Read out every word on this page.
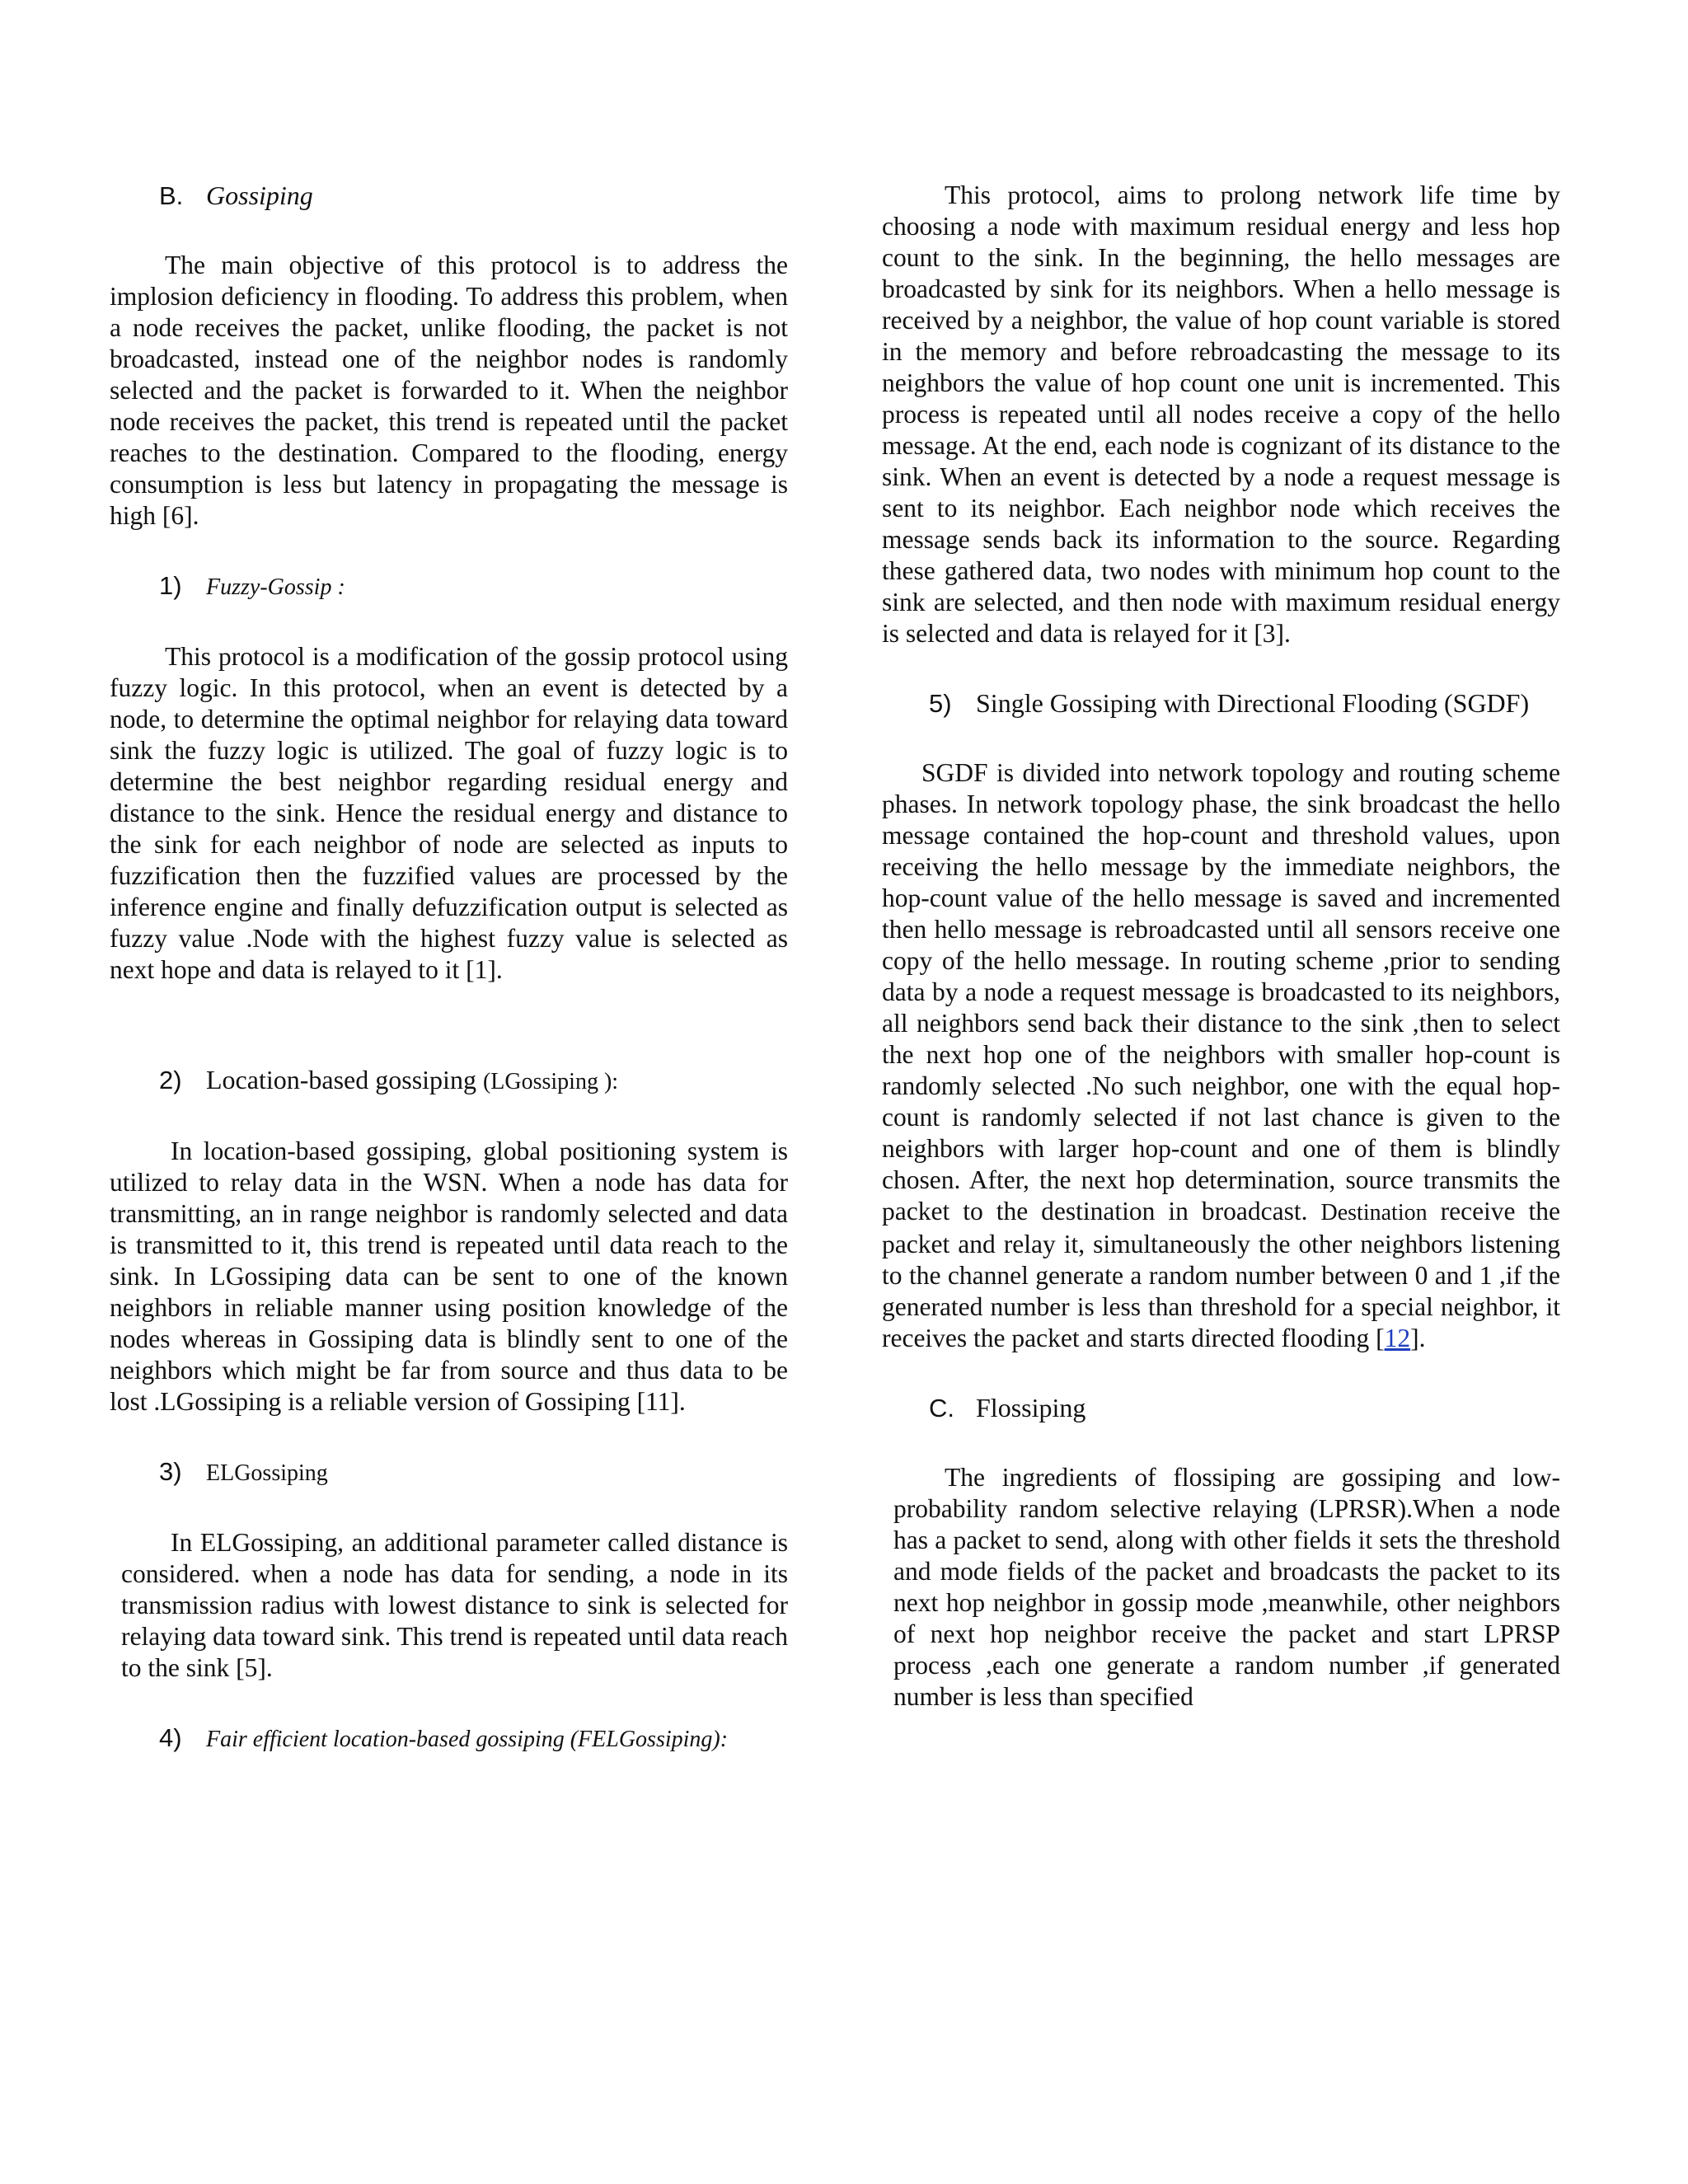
B. Gossiping

The main objective of this protocol is to address the implosion deficiency in flooding. To address this problem, when a node receives the packet, unlike flooding, the packet is not broadcasted, instead one of the neighbor nodes is randomly selected and the packet is forwarded to it. When the neighbor node receives the packet, this trend is repeated until the packet reaches to the destination. Compared to the flooding, energy consumption is less but latency in propagating the message is high [6].

1) Fuzzy-Gossip :

This protocol is a modification of the gossip protocol using fuzzy logic. In this protocol, when an event is detected by a node, to determine the optimal neighbor for relaying data toward sink the fuzzy logic is utilized. The goal of fuzzy logic is to determine the best neighbor regarding residual energy and distance to the sink. Hence the residual energy and distance to the sink for each neighbor of node are selected as inputs to fuzzification then the fuzzified values are processed by the inference engine and finally defuzzification output is selected as fuzzy value .Node with the highest fuzzy value is selected as next hope and data is relayed to it [1].

2) Location-based gossiping (LGossiping ):

In location-based gossiping, global positioning system is utilized to relay data in the WSN. When a node has data for transmitting, an in range neighbor is randomly selected and data is transmitted to it, this trend is repeated until data reach to the sink. In LGossiping data can be sent to one of the known neighbors in reliable manner using position knowledge of the nodes whereas in Gossiping data is blindly sent to one of the neighbors which might be far from source and thus data to be lost .LGossiping is a reliable version of Gossiping [11].

3) ELGossiping

In ELGossiping, an additional parameter called distance is considered. when a node has data for sending, a node in its transmission radius with lowest distance to sink is selected for relaying data toward sink. This trend is repeated until data reach to the sink [5].

4) Fair efficient location-based gossiping (FELGossiping):

This protocol, aims to prolong network life time by choosing a node with maximum residual energy and less hop count to the sink. In the beginning, the hello messages are broadcasted by sink for its neighbors. When a hello message is received by a neighbor, the value of hop count variable is stored in the memory and before rebroadcasting the message to its neighbors the value of hop count one unit is incremented. This process is repeated until all nodes receive a copy of the hello message. At the end, each node is cognizant of its distance to the sink. When an event is detected by a node a request message is sent to its neighbor. Each neighbor node which receives the message sends back its information to the source. Regarding these gathered data, two nodes with minimum hop count to the sink are selected, and then node with maximum residual energy is selected and data is relayed for it [3].

5) Single Gossiping with Directional Flooding (SGDF)

SGDF is divided into network topology and routing scheme phases. In network topology phase, the sink broadcast the hello message contained the hop-count and threshold values, upon receiving the hello message by the immediate neighbors, the hop-count value of the hello message is saved and incremented then hello message is rebroadcasted until all sensors receive one copy of the hello message. In routing scheme ,prior to sending data by a node a request message is broadcasted to its neighbors, all neighbors send back their distance to the sink ,then to select the next hop one of the neighbors with smaller hop-count is randomly selected .No such neighbor, one with the equal hop-count is randomly selected if not last chance is given to the neighbors with larger hop-count and one of them is blindly chosen. After, the next hop determination, source transmits the packet to the destination in broadcast. Destination receive the packet and relay it, simultaneously the other neighbors listening to the channel generate a random number between 0 and 1 ,if the generated number is less than threshold for a special neighbor, it receives the packet and starts directed flooding [12].

C. Flossiping

The ingredients of flossiping are gossiping and low-probability random selective relaying (LPRSR).When a node has a packet to send, along with other fields it sets the threshold and mode fields of the packet and broadcasts the packet to its next hop neighbor in gossip mode ,meanwhile, other neighbors of next hop neighbor receive the packet and start LPRSP process ,each one generate a random number ,if generated number is less than specified
